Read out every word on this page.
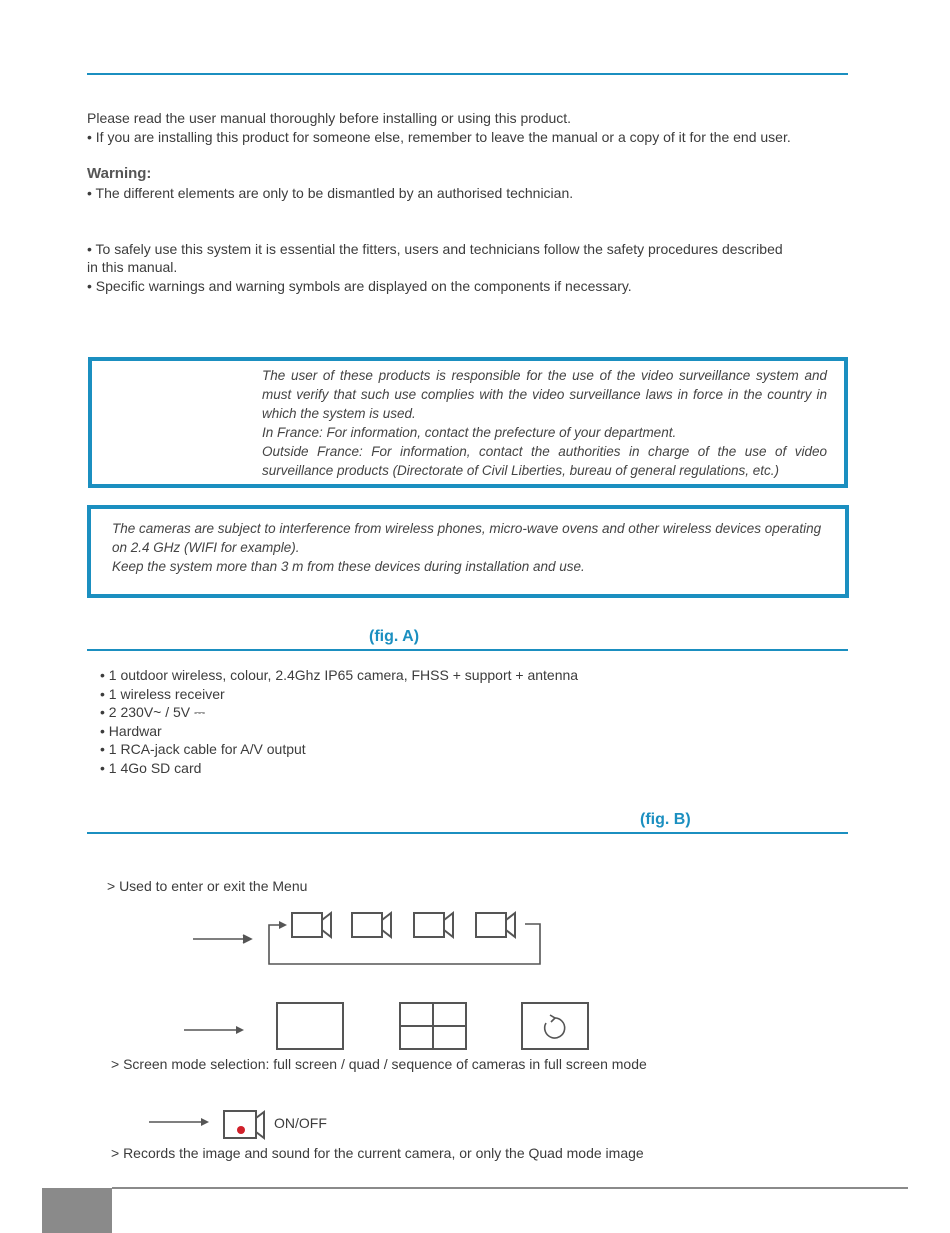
Please read the user manual thoroughly before installing or using this product.

• If you are installing this product for someone else, remember to leave the manual or a copy of it for the end user.

Warning:

• The different elements are only to be dismantled by an authorised technician.

• To safely use this system it is essential the fitters, users and technicians follow the safety procedures described

in this manual.

• Specific warnings and warning symbols are displayed on the components if necessary.

The user of these products is responsible for the use of the video surveillance system and must verify that such use complies with the video surveillance laws in force in the country in which the system is used.
In France: For information, contact the prefecture of your department.
Outside France: For information, contact the authorities in charge of the use of video surveillance products (Directorate of Civil Liberties, bureau of general regulations, etc.)
The cameras are subject to interference from wireless phones, micro-wave ovens and other wireless devices operating on 2.4 GHz (WIFI for example).
Keep the system more than 3 m from these devices during installation and use.
(fig. A)
• 1 outdoor wireless, colour, 2.4Ghz IP65 camera, FHSS + support + antenna
• 1 wireless receiver
• 2 230V~ / 5V ⎓
• Hardwar
• 1 RCA-jack cable for A/V output
• 1 4Go SD card
(fig. B)

> Used to enter or exit the Menu

> Screen mode selection: full screen / quad / sequence of cameras in full screen mode

ON/OFF

> Records the image and sound for the current camera, or only the Quad mode image
